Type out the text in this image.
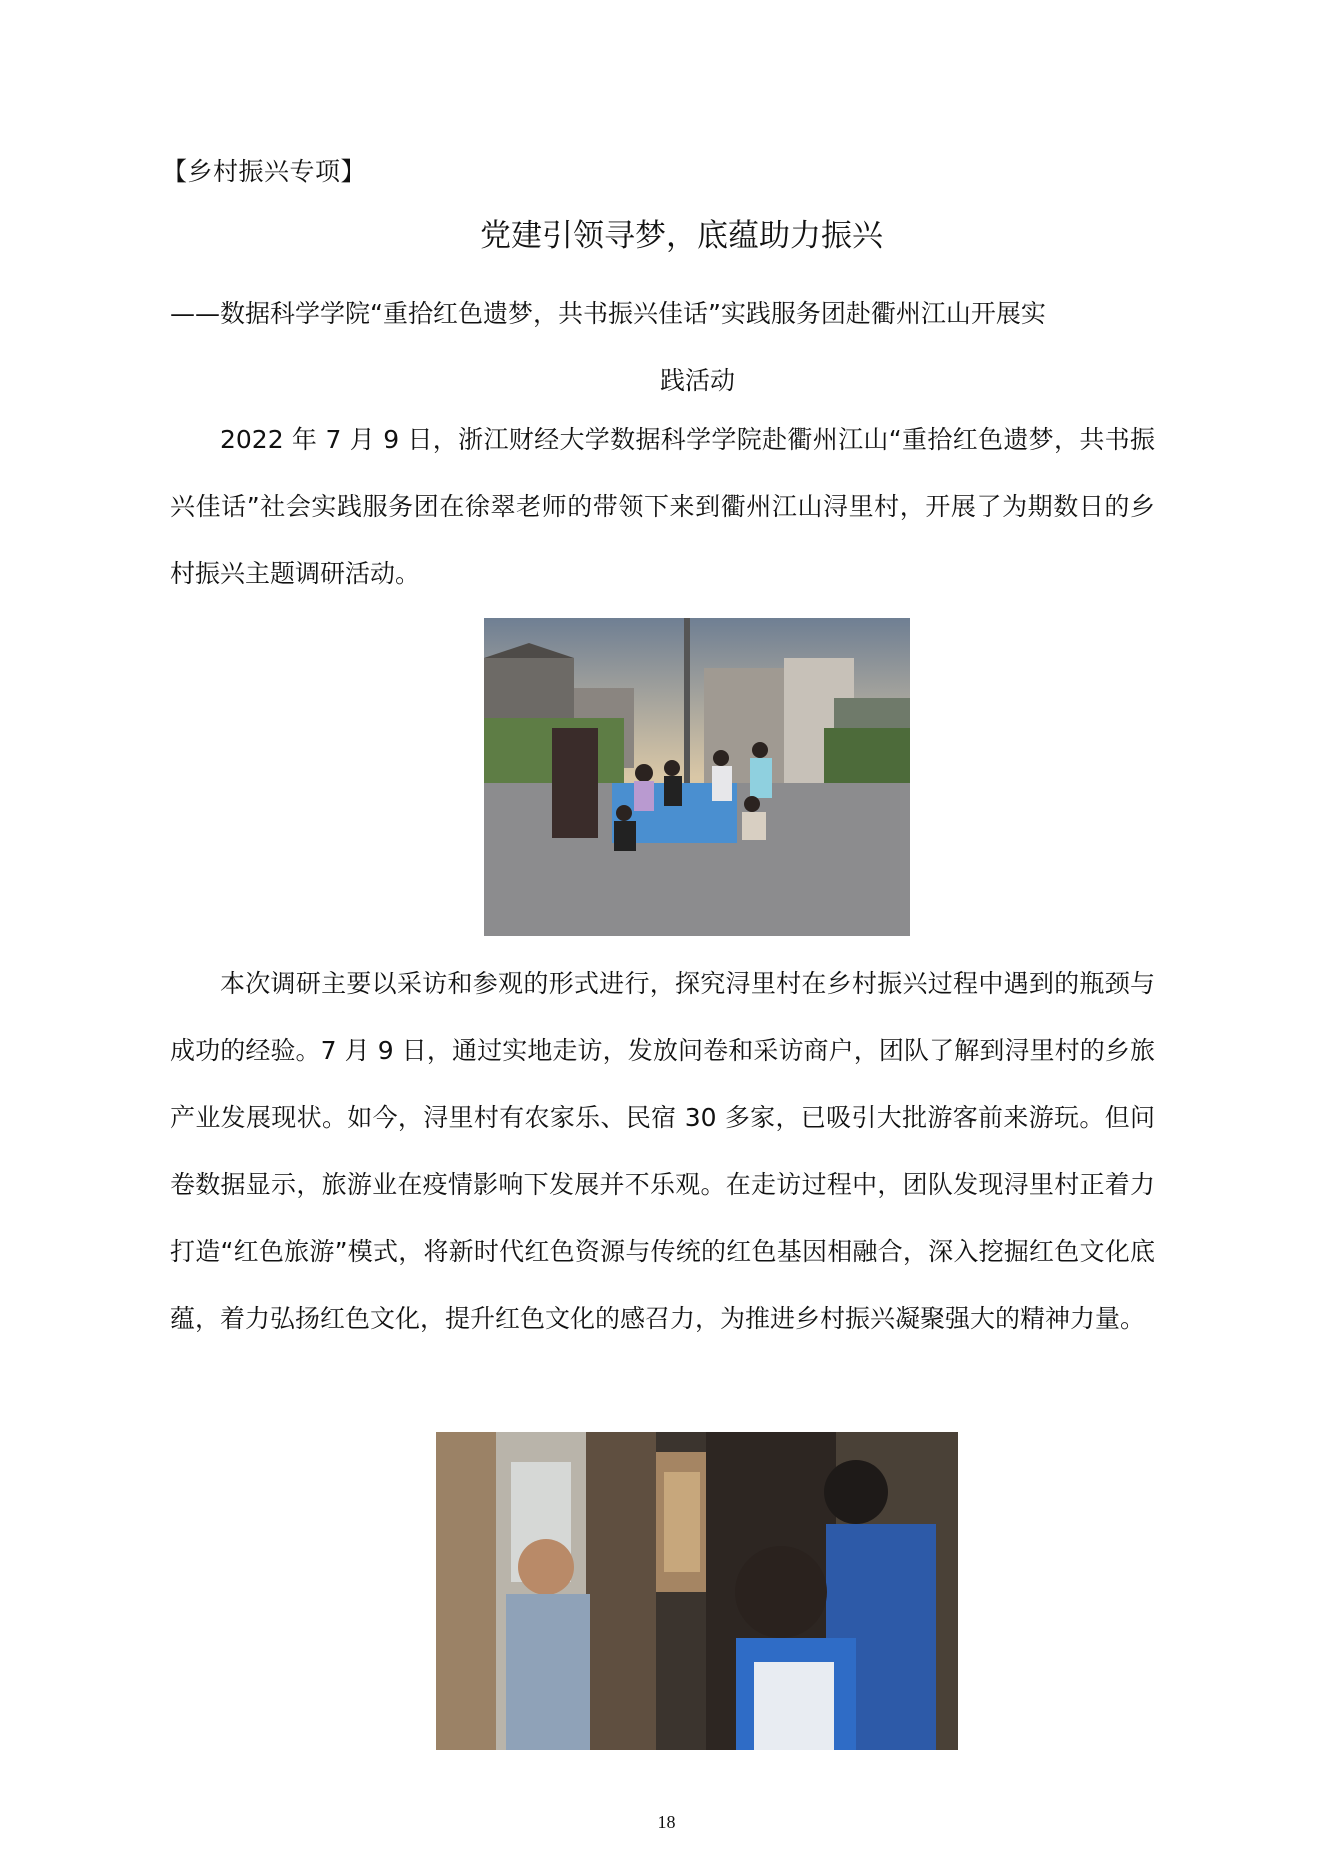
【乡村振兴专项】
党建引领寻梦，底蕴助力振兴
——数据科学学院“重拾红色遗梦，共书振兴佳话”实践服务团赴衢州江山开展实
践活动

2022 年 7 月 9 日，浙江财经大学数据科学学院赴衢州江山“重拾红色遗梦，共书振兴佳话”社会实践服务团在徐翠老师的带领下来到衢州江山浔里村，开展了为期数日的乡村振兴主题调研活动。

本次调研主要以采访和参观的形式进行，探究浔里村在乡村振兴过程中遇到的瓶颈与成功的经验。7 月 9 日，通过实地走访，发放问卷和采访商户，团队了解到浔里村的乡旅产业发展现状。如今，浔里村有农家乐、民宿 30 多家，已吸引大批游客前来游玩。但问卷数据显示，旅游业在疫情影响下发展并不乐观。在走访过程中，团队发现浔里村正着力打造“红色旅游”模式，将新时代红色资源与传统的红色基因相融合，深入挖掘红色文化底蕴，着力弘扬红色文化，提升红色文化的感召力，为推进乡村振兴凝聚强大的精神力量。

18
